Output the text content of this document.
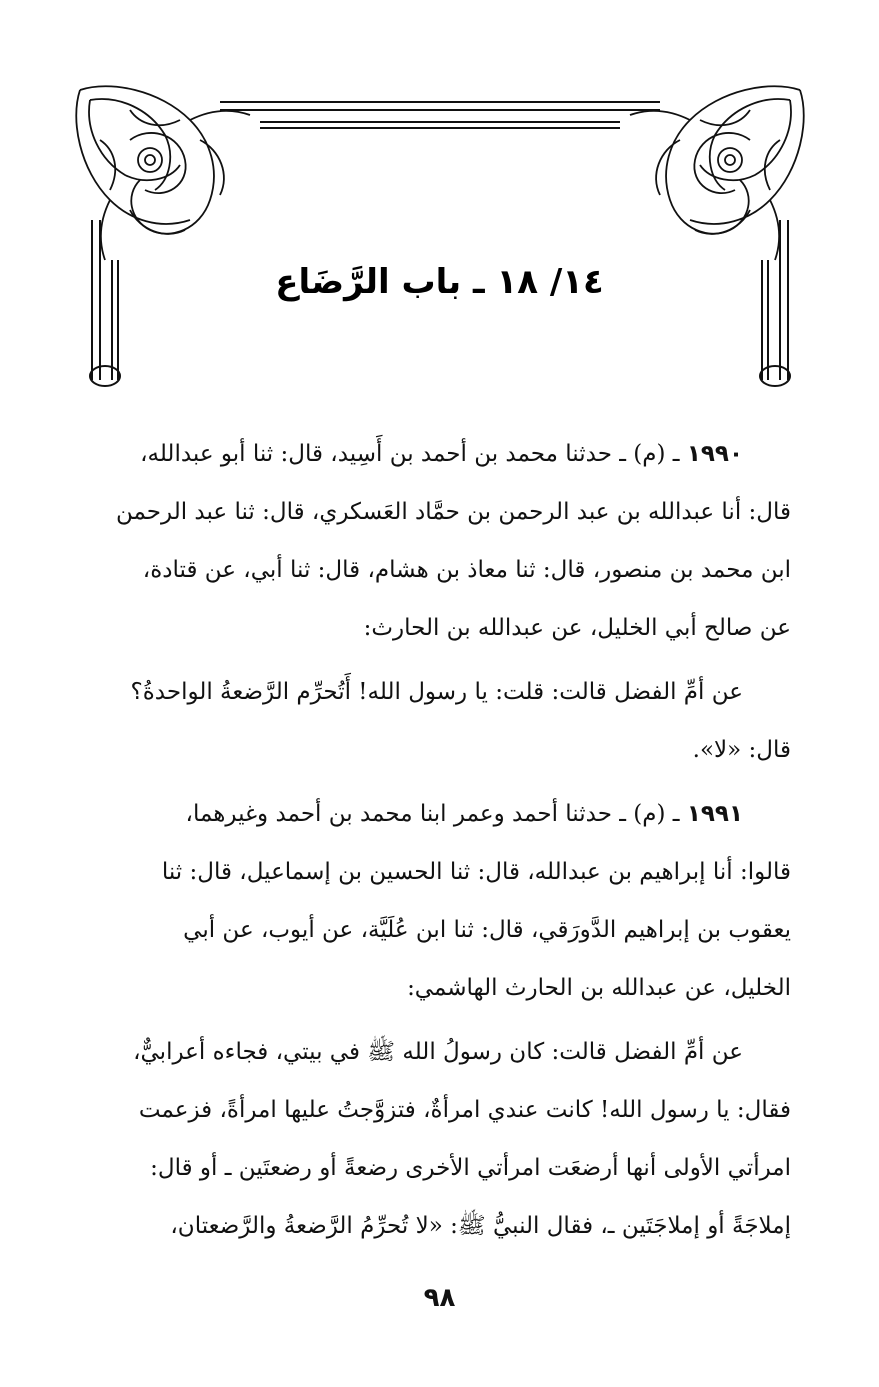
١٤/ ١٨ ـ باب الرَّضَاع
١٩٩٠ ـ (م) ـ حدثنا محمد بن أحمد بن أَسِيد، قال: ثنا أبو عبدالله،
قال: أنا عبدالله بن عبد الرحمن بن حمَّاد العَسكري، قال: ثنا عبد الرحمن
ابن محمد بن منصور، قال: ثنا معاذ بن هشام، قال: ثنا أبي، عن قتادة،
عن صالح أبي الخليل، عن عبدالله بن الحارث:
عن أمِّ الفضل قالت: قلت: يا رسول الله! أَتُحرِّم الرَّضعةُ الواحدةُ؟
قال: «لا».
١٩٩١ ـ (م) ـ حدثنا أحمد وعمر ابنا محمد بن أحمد وغيرهما،
قالوا: أنا إبراهيم بن عبدالله، قال: ثنا الحسين بن إسماعيل، قال: ثنا
يعقوب بن إبراهيم الدَّورَقي، قال: ثنا ابن عُلَيَّة، عن أيوب، عن أبي
الخليل، عن عبدالله بن الحارث الهاشمي:
عن أمِّ الفضل قالت: كان رسولُ الله ﷺ في بيتي، فجاءه أعرابيٌّ،
فقال: يا رسول الله! كانت عندي امرأةٌ، فتزوَّجتُ عليها امرأةً، فزعمت
امرأتي الأولى أنها أرضعَت امرأتي الأخرى رضعةً أو رضعتَين ـ أو قال:
إملاجَةً أو إملاجَتَين ـ، فقال النبيُّ ﷺ: «لا تُحرِّمُ الرَّضعةُ والرَّضعتان،
٩٨
